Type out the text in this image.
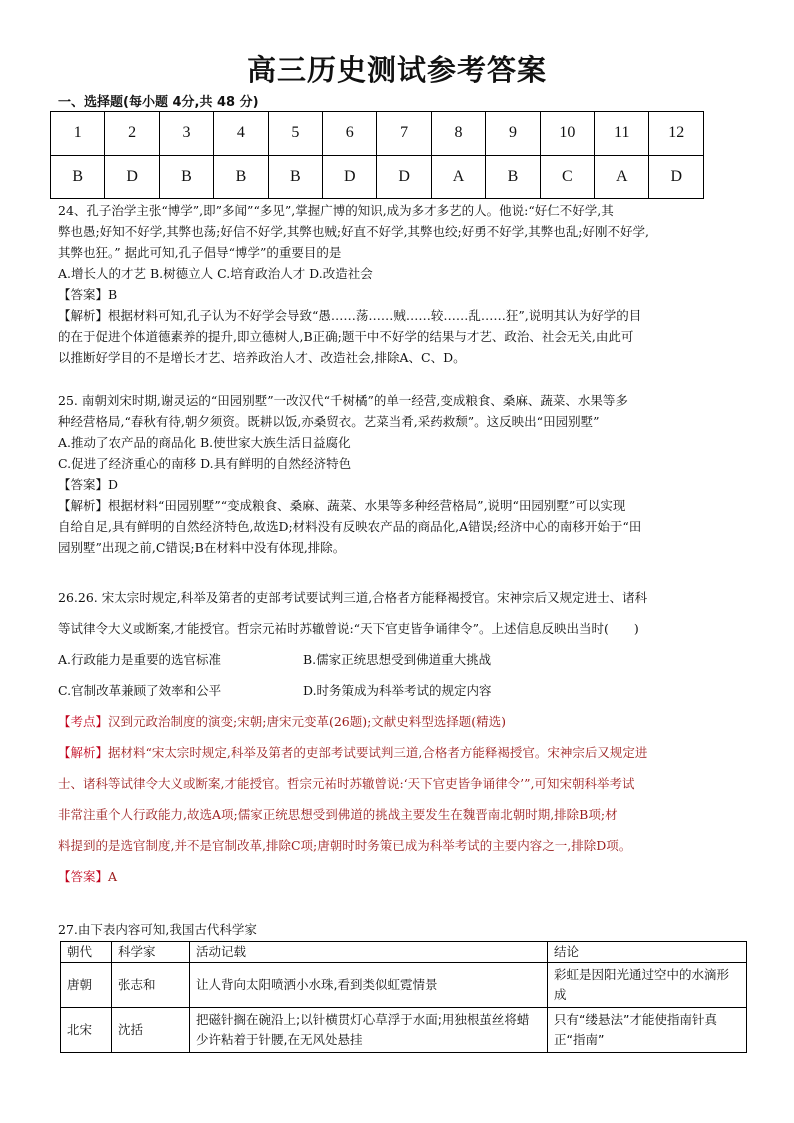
高三历史测试参考答案
一、选择题(每小题 4分,共 48 分)
1	2	3	4	5	6	7	8	9	10	11	12
B	D	B	B	B	D	D	A	B	C	A	D

24、孔子治学主张“博学”,即”多闻”“多见”,掌握广博的知识,成为多才多艺的人。他说:“好仁不好学,其

弊也愚;好知不好学,其弊也荡;好信不好学,其弊也贼;好直不好学,其弊也绞;好勇不好学,其弊也乱;好刚不好学,

其弊也狂。” 据此可知,孔子倡导“博学”的重要目的是

A.增长人的才艺 B.树德立人 C.培育政治人才 D.改造社会

【答案】B

【解析】根据材料可知,孔子认为不好学会导致“愚……荡……贼……较……乱……狂”,说明其认为好学的目

的在于促进个体道德素养的提升,即立德树人,B正确;题干中不好学的结果与才艺、政治、社会无关,由此可

以推断好学目的不是增长才艺、培养政治人才、改造社会,排除A、C、D。

25. 南朝刘宋时期,谢灵运的“田园别墅”一改汉代“千树橘”的单一经营,变成粮食、桑麻、蔬菜、水果等多

种经营格局,“春秋有待,朝夕须资。既耕以饭,亦桑贸衣。艺菜当肴,采药救颓”。这反映出“田园别墅”

A.推动了农产品的商品化 B.使世家大族生活日益腐化

C.促进了经济重心的南移 D.具有鲜明的自然经济特色

【答案】D

【解析】根据材料“田园别墅”“变成粮食、桑麻、蔬菜、水果等多种经营格局”,说明“田园别墅”可以实现

自给自足,具有鲜明的自然经济特色,故选D;材料没有反映农产品的商品化,A错误;经济中心的南移开始于“田

园别墅”出现之前,C错误;B在材料中没有体现,排除。

26.26. 宋太宗时规定,科举及第者的吏部考试要试判三道,合格者方能释褐授官。宋神宗后又规定进士、诸科

等试律令大义或断案,才能授官。哲宗元祐时苏辙曾说:“天下官吏皆争诵律令”。上述信息反映出当时(　　)

A.行政能力是重要的选官标准	B.儒家正统思想受到佛道重大挑战

C.官制改革兼顾了效率和公平	D.时务策成为科举考试的规定内容

【考点】汉到元政治制度的演变;宋朝;唐宋元变革(26题);文献史料型选择题(精选)

【解析】据材料“宋太宗时规定,科举及第者的吏部考试要试判三道,合格者方能释褐授官。宋神宗后又规定进

士、诸科等试律令大义或断案,才能授官。哲宗元祐时苏辙曾说:‘天下官吏皆争诵律令’”,可知宋朝科举考试

非常注重个人行政能力,故选A项;儒家正统思想受到佛道的挑战主要发生在魏晋南北朝时期,排除B项;材

料提到的是选官制度,并不是官制改革,排除C项;唐朝时时务策已成为科举考试的主要内容之一,排除D项。

【答案】A

27.由下表内容可知,我国古代科学家

朝代	科学家	活动记载	结论
唐朝	张志和	让人背向太阳喷洒小水珠,看到类似虹霓情景	彩虹是因阳光通过空中的水滴形成
北宋	沈括	把磁针搁在碗沿上;以针横贯灯心草浮于水面;用独根茧丝将蜡少许粘着于针腰,在无风处悬挂	只有“缕悬法”才能使指南针真正“指南”
